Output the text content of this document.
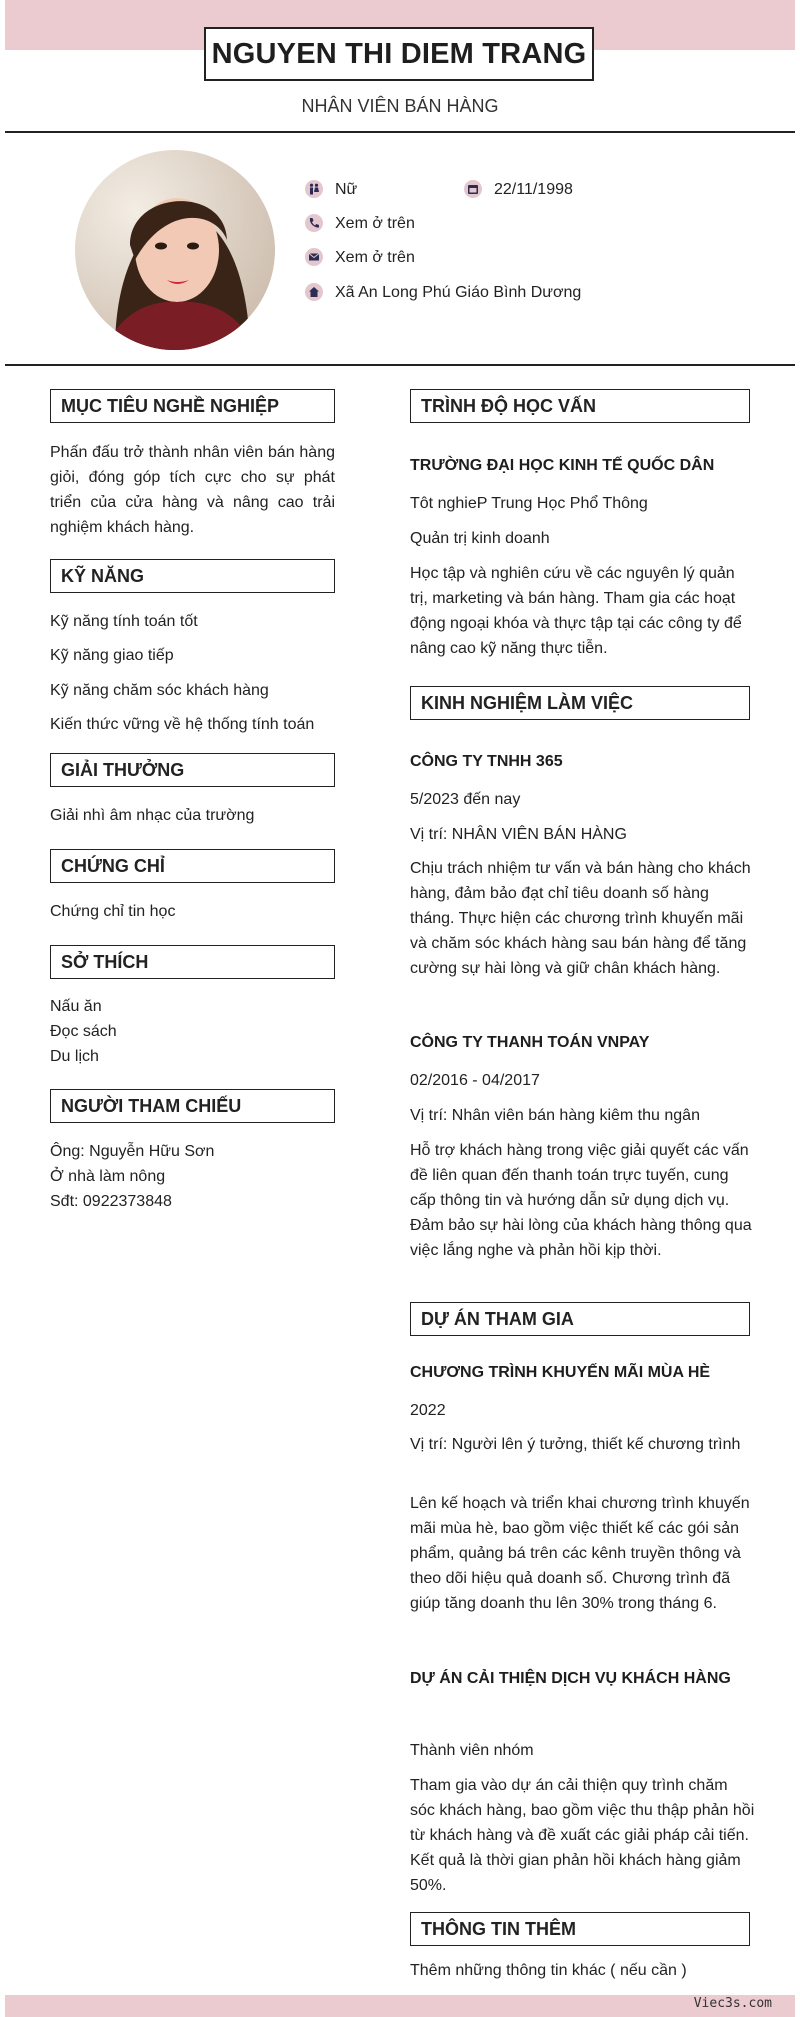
NGUYEN THI DIEM TRANG
NHÂN VIÊN BÁN HÀNG
Nữ	22/11/1998
Xem ở trên
Xem ở trên
Xã An Long Phú Giáo Bình Dương
MỤC TIÊU NGHỀ NGHIỆP
Phấn đấu trở thành nhân viên bán hàng giỏi, đóng góp tích cực cho sự phát triển của cửa hàng và nâng cao trải nghiệm khách hàng.
KỸ NĂNG
Kỹ năng tính toán tốt
Kỹ năng giao tiếp
Kỹ năng chăm sóc khách hàng
Kiến thức vững về hệ thống tính toán
GIẢI THƯỞNG
Giải nhì âm nhạc của trường
CHỨNG CHỈ
Chứng chỉ tin học
SỞ THÍCH
Nấu ăn
Đọc sách
Du lịch
NGƯỜI THAM CHIẾU
Ông: Nguyễn Hữu Sơn
Ở nhà làm nông
Sđt: 0922373848
TRÌNH ĐỘ HỌC VẤN
TRƯỜNG ĐẠI HỌC KINH TẾ QUỐC DÂN
Tôt nghieP Trung Học Phổ Thông
Quản trị kinh doanh
Học tập và nghiên cứu về các nguyên lý quản trị, marketing và bán hàng. Tham gia các hoạt động ngoại khóa và thực tập tại các công ty để nâng cao kỹ năng thực tiễn.
KINH NGHIỆM LÀM VIỆC
CÔNG TY TNHH 365
5/2023 đến nay
Vị trí: NHÂN VIÊN BÁN HÀNG
Chịu trách nhiệm tư vấn và bán hàng cho khách hàng, đảm bảo đạt chỉ tiêu doanh số hàng tháng. Thực hiện các chương trình khuyến mãi và chăm sóc khách hàng sau bán hàng để tăng cường sự hài lòng và giữ chân khách hàng.
CÔNG TY THANH TOÁN VNPAY
02/2016 - 04/2017
Vị trí: Nhân viên bán hàng kiêm thu ngân
Hỗ trợ khách hàng trong việc giải quyết các vấn đề liên quan đến thanh toán trực tuyến, cung cấp thông tin và hướng dẫn sử dụng dịch vụ. Đảm bảo sự hài lòng của khách hàng thông qua việc lắng nghe và phản hồi kịp thời.
DỰ ÁN THAM GIA
CHƯƠNG TRÌNH KHUYẾN MÃI MÙA HÈ
2022
Vị trí: Người lên ý tưởng, thiết kế chương trình
Lên kế hoạch và triển khai chương trình khuyến mãi mùa hè, bao gồm việc thiết kế các gói sản phẩm, quảng bá trên các kênh truyền thông và theo dõi hiệu quả doanh số. Chương trình đã giúp tăng doanh thu lên 30% trong tháng 6.
DỰ ÁN CẢI THIỆN DỊCH VỤ KHÁCH HÀNG
Thành viên nhóm
Tham gia vào dự án cải thiện quy trình chăm sóc khách hàng, bao gồm việc thu thập phản hồi từ khách hàng và đề xuất các giải pháp cải tiến. Kết quả là thời gian phản hồi khách hàng giảm 50%.
THÔNG TIN THÊM
Thêm những thông tin khác ( nếu cần )
Viec3s.com
